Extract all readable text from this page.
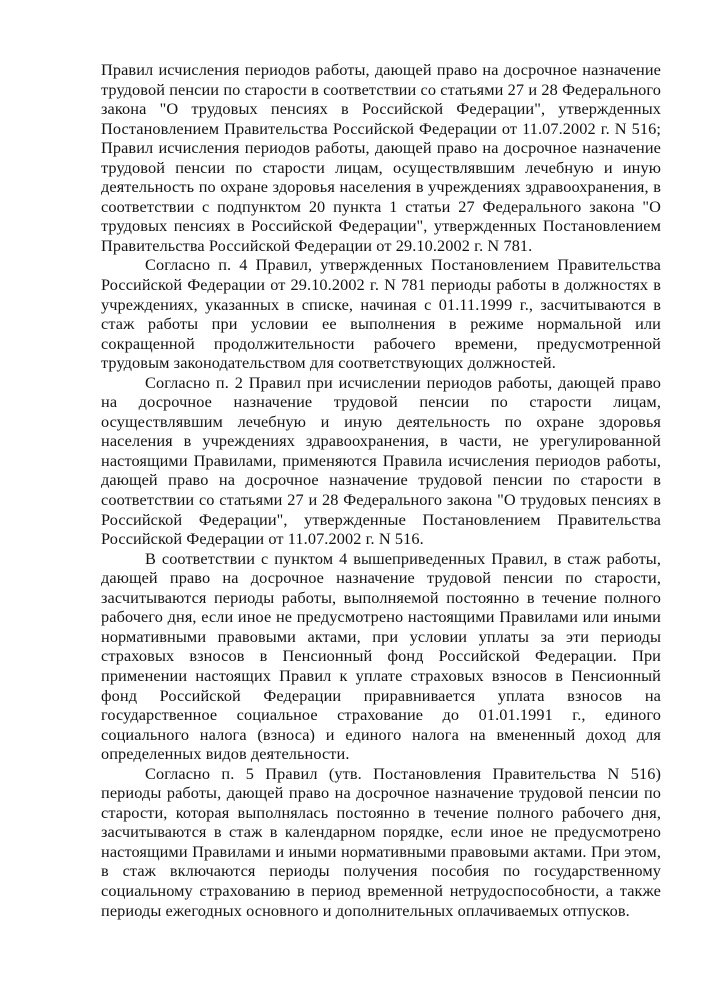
Правил исчисления периодов работы, дающей право на досрочное назначение трудовой пенсии по старости в соответствии со статьями 27 и 28 Федерального закона "О трудовых пенсиях в Российской Федерации", утвержденных Постановлением Правительства Российской Федерации от 11.07.2002 г. N 516; Правил исчисления периодов работы, дающей право на досрочное назначение трудовой пенсии по старости лицам, осуществлявшим лечебную и иную деятельность по охране здоровья населения в учреждениях здравоохранения, в соответствии с подпунктом 20 пункта 1 статьи 27 Федерального закона "О трудовых пенсиях в Российской Федерации", утвержденных Постановлением Правительства Российской Федерации от 29.10.2002 г. N 781.

Согласно п. 4 Правил, утвержденных Постановлением Правительства Российской Федерации от 29.10.2002 г. N 781 периоды работы в должностях в учреждениях, указанных в списке, начиная с 01.11.1999 г., засчитываются в стаж работы при условии ее выполнения в режиме нормальной или сокращенной продолжительности рабочего времени, предусмотренной трудовым законодательством для соответствующих должностей.

Согласно п. 2 Правил при исчислении периодов работы, дающей право на досрочное назначение трудовой пенсии по старости лицам, осуществлявшим лечебную и иную деятельность по охране здоровья населения в учреждениях здравоохранения, в части, не урегулированной настоящими Правилами, применяются Правила исчисления периодов работы, дающей право на досрочное назначение трудовой пенсии по старости в соответствии со статьями 27 и 28 Федерального закона "О трудовых пенсиях в Российской Федерации", утвержденные Постановлением Правительства Российской Федерации от 11.07.2002 г. N 516.

В соответствии с пунктом 4 вышеприведенных Правил, в стаж работы, дающей право на досрочное назначение трудовой пенсии по старости, засчитываются периоды работы, выполняемой постоянно в течение полного рабочего дня, если иное не предусмотрено настоящими Правилами или иными нормативными правовыми актами, при условии уплаты за эти периоды страховых взносов в Пенсионный фонд Российской Федерации. При применении настоящих Правил к уплате страховых взносов в Пенсионный фонд Российской Федерации приравнивается уплата взносов на государственное социальное страхование до 01.01.1991 г., единого социального налога (взноса) и единого налога на вмененный доход для определенных видов деятельности.

Согласно п. 5 Правил (утв. Постановления Правительства N 516) периоды работы, дающей право на досрочное назначение трудовой пенсии по старости, которая выполнялась постоянно в течение полного рабочего дня, засчитываются в стаж в календарном порядке, если иное не предусмотрено настоящими Правилами и иными нормативными правовыми актами. При этом, в стаж включаются периоды получения пособия по государственному социальному страхованию в период временной нетрудоспособности, а также периоды ежегодных основного и дополнительных оплачиваемых отпусков.
